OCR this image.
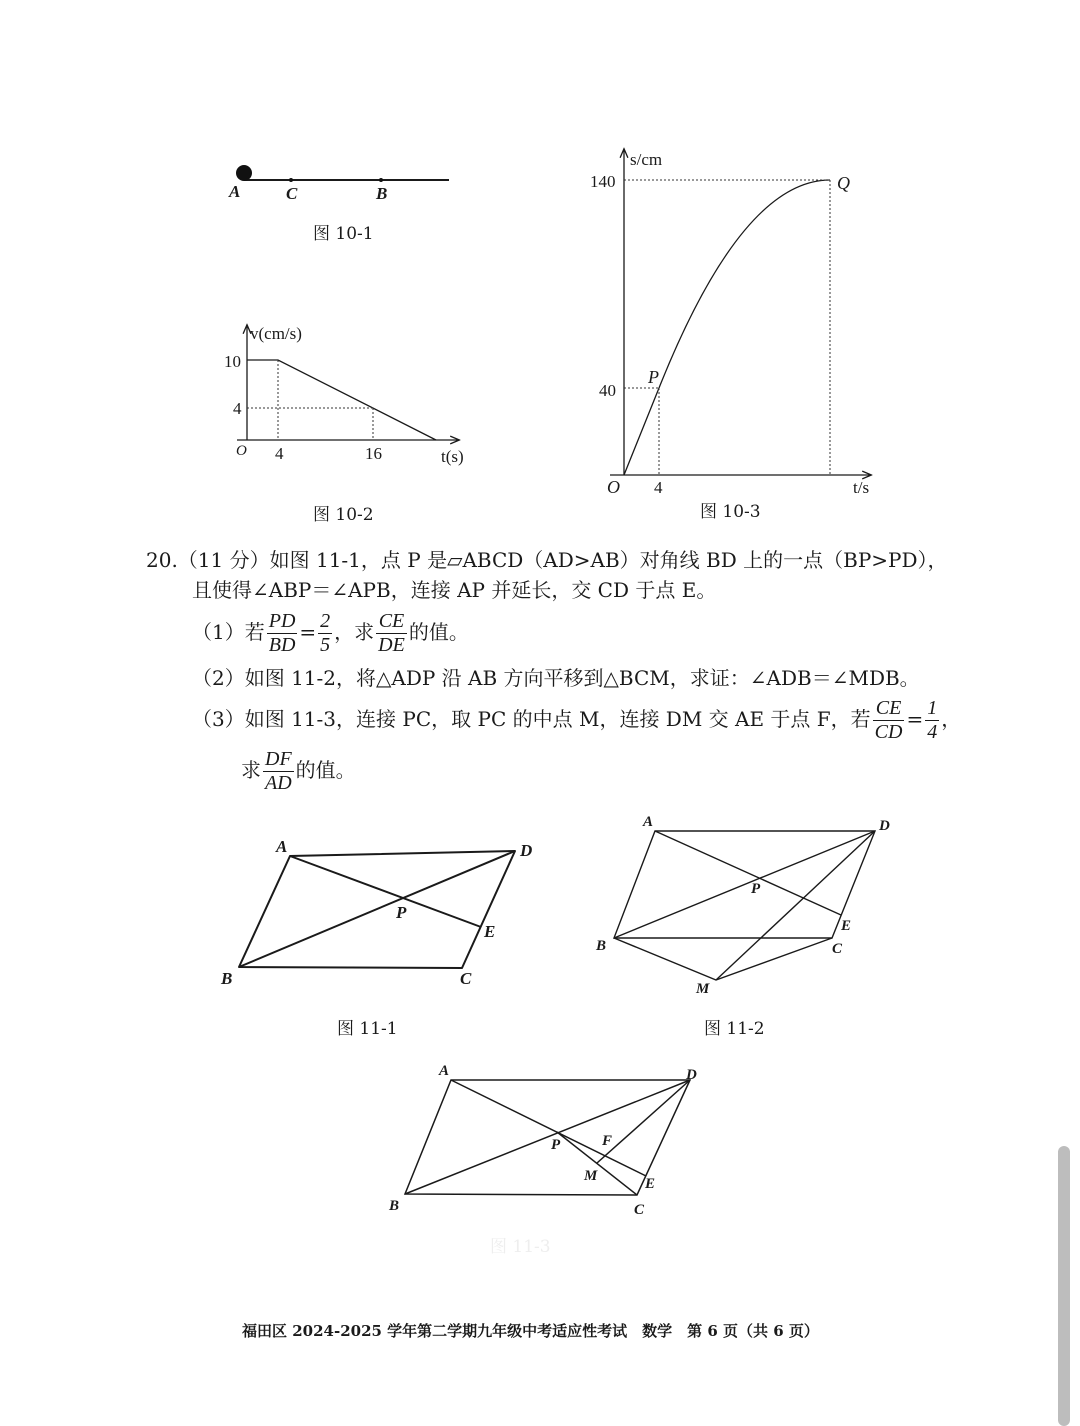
A	C	B
图 10-1
v(cm/s)
10
4
O 4	16	t(s)
图 10-2
s/cm
140
40
Q
P
O 4	t/s
图 10-3
A	D
P
E
C
B
图 11-1
A	D
P
E
C
B
M
图 11-2
A	D
P	F
M	E
C
B
图 11-3
20.（11 分）如图 11-1，点 P 是▱ABCD（AD>AB）对角线 BD 上的一点（BP>PD），
且使得∠ABP＝∠APB，连接 AP 并延长，交 CD 于点 E。
（1）若 $\frac{PD}{BD} = \frac{2}{5}$ ，求 $\frac{CE}{DE}$ 的值。
（2）如图 11-2，将△ADP 沿 AB 方向平移到△BCM，求证：∠ADB＝∠MDB。
（3）如图 11-3，连接 PC，取 PC 的中点 M，连接 DM 交 AE 于点 F，若 $\frac{CE}{CD} = \frac{1}{4}$ ，
求 $\frac{DF}{AD}$ 的值。
福田区 2024-2025 学年第二学期九年级中考适应性考试　数学　第 6 页（共 6 页）
